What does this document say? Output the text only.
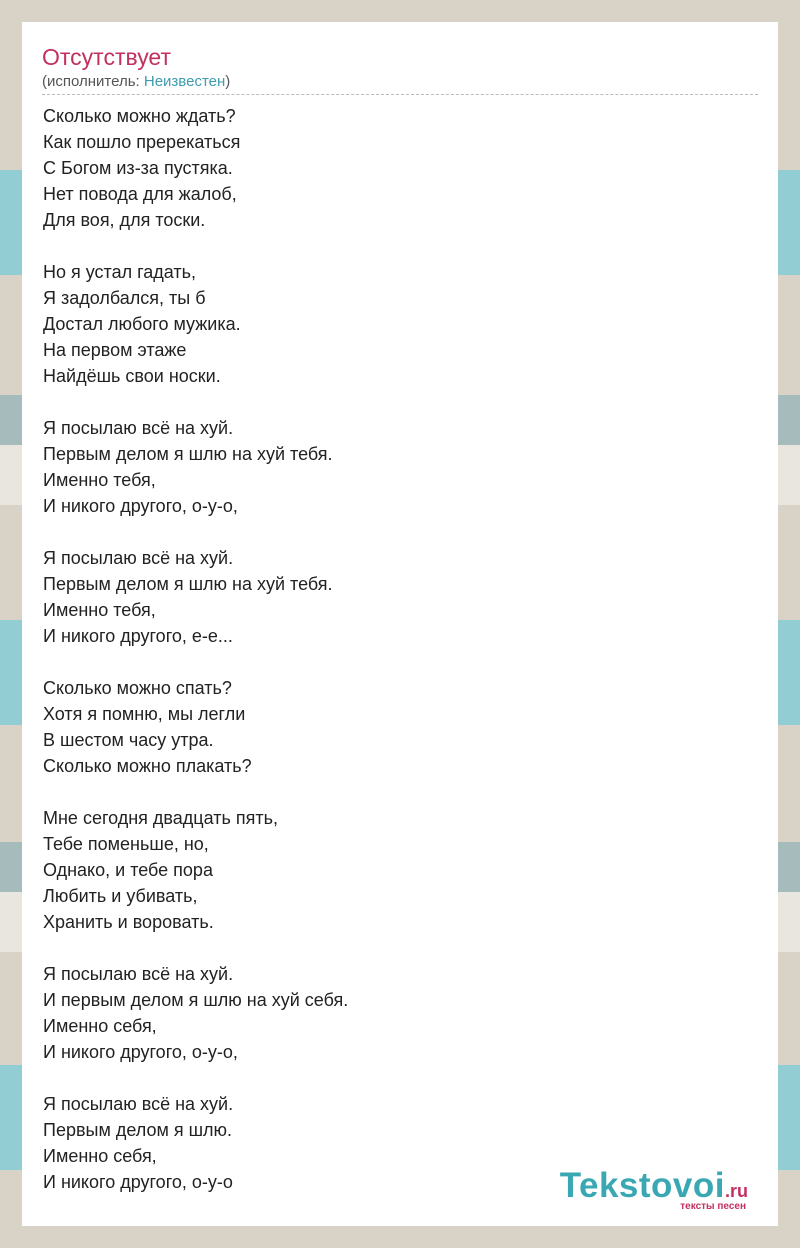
Отсутствует
(исполнитель: Неизвестен)
Сколько можно ждать?
Как пошло пререкаться
С Богом из-за пустяка.
Нет повода для жалоб,
Для воя, для тоски.
Но я устал гадать,
Я задолбался, ты б
Достал любого мужика.
На первом этаже
Найдёшь свои носки.
Я посылаю всё на хуй.
Первым делом я шлю на хуй тебя.
Именно тебя,
И никого другого, о-у-о,
Я посылаю всё на хуй.
Первым делом я шлю на хуй тебя.
Именно тебя,
И никого другого, е-е...
Сколько можно спать?
Хотя я помню, мы легли
В шестом часу утра.
Сколько можно плакать?
Мне сегодня двадцать пять,
Тебе поменьше, но,
Однако, и тебе пора
Любить и убивать,
Хранить и воровать.
Я посылаю всё на хуй.
И первым делом я шлю на хуй себя.
Именно себя,
И никого другого, о-у-о,
Я посылаю всё на хуй.
Первым делом я шлю.
Именно себя,
И никого другого, о-у-о	Tekstovoi.ru
тексты песен
